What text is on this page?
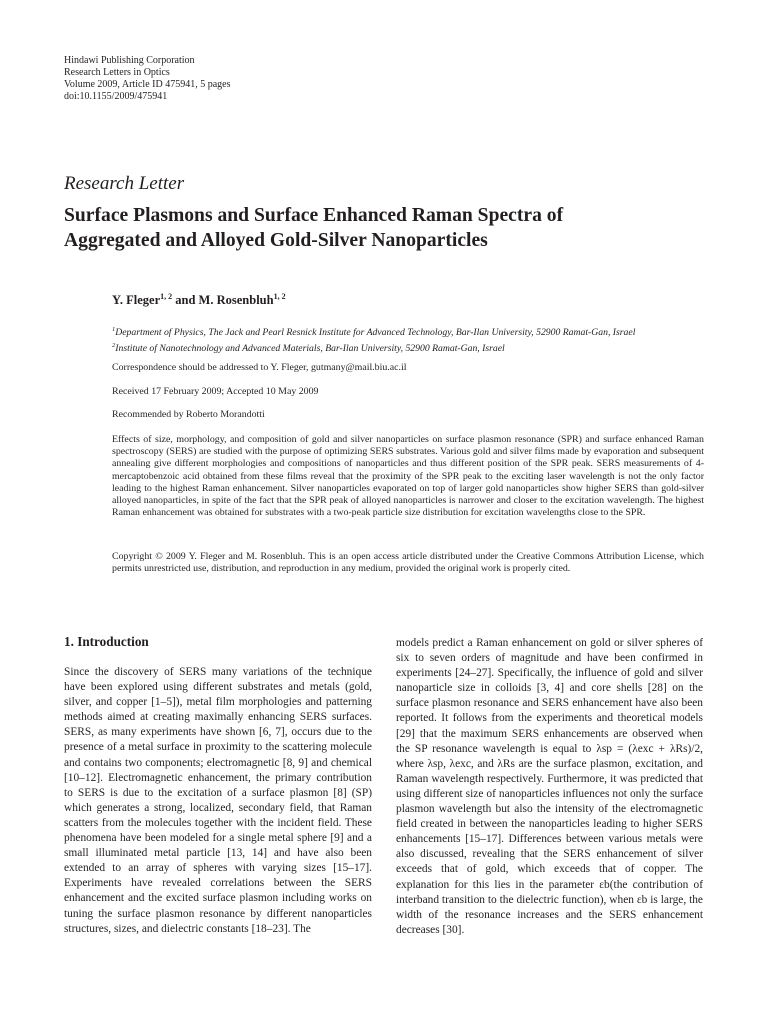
Hindawi Publishing Corporation
Research Letters in Optics
Volume 2009, Article ID 475941, 5 pages
doi:10.1155/2009/475941
Research Letter
Surface Plasmons and Surface Enhanced Raman Spectra of
Aggregated and Alloyed Gold-Silver Nanoparticles
Y. Fleger$^{1, 2}$ and M. Rosenbluh$^{1, 2}$
$^1$Department of Physics, The Jack and Pearl Resnick Institute for Advanced Technology, Bar-Ilan University, 52900 Ramat-Gan, Israel
$^2$Institute of Nanotechnology and Advanced Materials, Bar-Ilan University, 52900 Ramat-Gan, Israel
Correspondence should be addressed to Y. Fleger, gutmany@mail.biu.ac.il
Received 17 February 2009; Accepted 10 May 2009
Recommended by Roberto Morandotti

Effects of size, morphology, and composition of gold and silver nanoparticles on surface plasmon resonance (SPR) and surface enhanced Raman spectroscopy (SERS) are studied with the purpose of optimizing SERS substrates. Various gold and silver films made by evaporation and subsequent annealing give different morphologies and compositions of nanoparticles and thus different position of the SPR peak. SERS measurements of 4-mercaptobenzoic acid obtained from these films reveal that the proximity of the SPR peak to the exciting laser wavelength is not the only factor leading to the highest Raman enhancement. Silver nanoparticles evaporated on top of larger gold nanoparticles show higher SERS than gold-silver alloyed nanoparticles, in spite of the fact that the SPR peak of alloyed nanoparticles is narrower and closer to the excitation wavelength. The highest Raman enhancement was obtained for substrates with a two-peak particle size distribution for excitation wavelengths close to the SPR.

Copyright © 2009 Y. Fleger and M. Rosenbluh. This is an open access article distributed under the Creative Commons Attribution License, which permits unrestricted use, distribution, and reproduction in any medium, provided the original work is properly cited.

1. Introduction

Since the discovery of SERS many variations of the technique have been explored using different substrates and metals (gold, silver, and copper [1–5]), metal film morphologies and patterning methods aimed at creating maximally enhancing SERS surfaces. SERS, as many experiments have shown [6, 7], occurs due to the presence of a metal surface in proximity to the scattering molecule and contains two components; electromagnetic [8, 9] and chemical [10–12]. Electromagnetic enhancement, the primary contribution to SERS is due to the excitation of a surface plasmon [8] (SP) which generates a strong, localized, secondary field, that Raman scatters from the molecules together with the incident field. These phenomena have been modeled for a single metal sphere [9] and a small illuminated metal particle [13, 14] and have also been extended to an array of spheres with varying sizes [15–17]. Experiments have revealed correlations between the SERS enhancement and the excited surface plasmon including works on tuning the surface plasmon resonance by different nanoparticles structures, sizes, and dielectric constants [18–23]. The

models predict a Raman enhancement on gold or silver spheres of six to seven orders of magnitude and have been confirmed in experiments [24–27]. Specifically, the influence of gold and silver nanoparticle size in colloids [3, 4] and core shells [28] on the surface plasmon resonance and SERS enhancement have also been reported. It follows from the experiments and theoretical models [29] that the maximum SERS enhancements are observed when the SP resonance wavelength is equal to λsp = (λexc + λRs)/2, where λsp, λexc, and λRs are the surface plasmon, excitation, and Raman wavelength respectively. Furthermore, it was predicted that using different size of nanoparticles influences not only the surface plasmon wavelength but also the intensity of the electromagnetic field created in between the nanoparticles leading to higher SERS enhancements [15–17]. Differences between various metals were also discussed, revealing that the SERS enhancement of silver exceeds that of gold, which exceeds that of copper. The explanation for this lies in the parameter εb(the contribution of interband transition to the dielectric function), when εb is large, the width of the resonance increases and the SERS enhancement decreases [30].
